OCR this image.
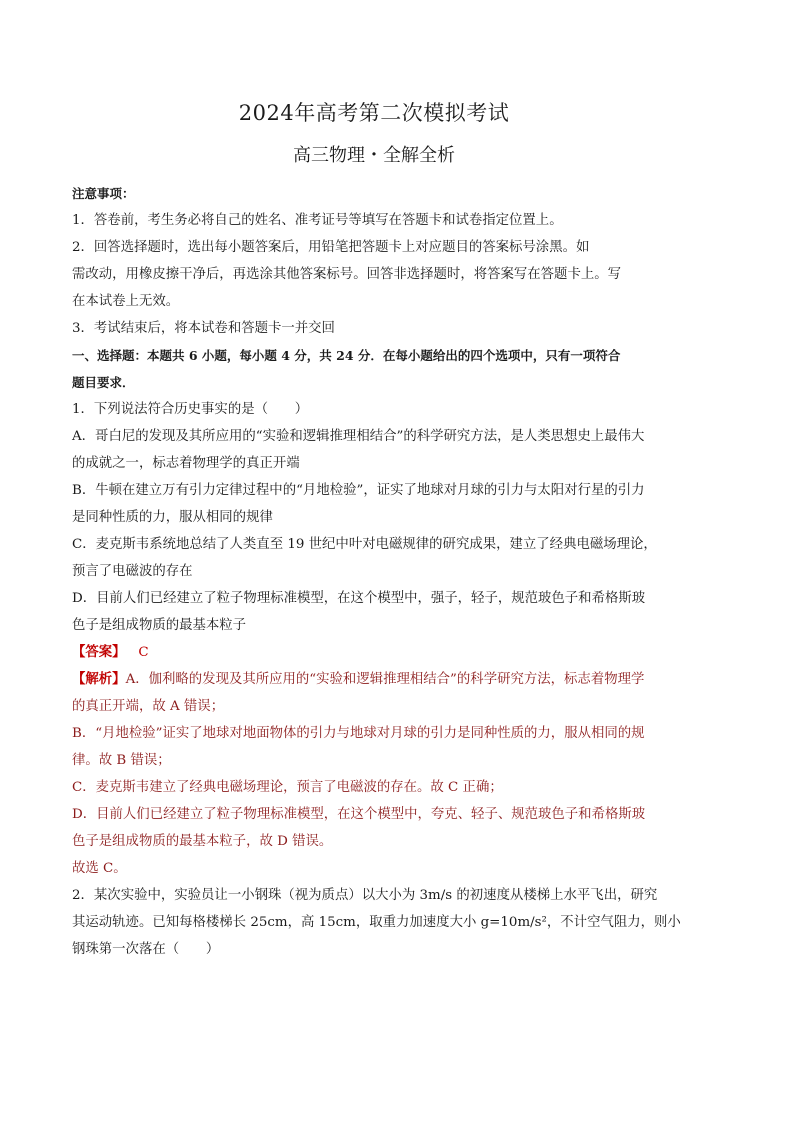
2024年高考第二次模拟考试
高三物理・全解全析

注意事项：

1．答卷前，考生务必将自己的姓名、准考证号等填写在答题卡和试卷指定位置上。

2．回答选择题时，选出每小题答案后，用铅笔把答题卡上对应题目的答案标号涂黑。如

需改动，用橡皮擦干净后，再选涂其他答案标号。回答非选择题时，将答案写在答题卡上。写

在本试卷上无效。

3．考试结束后，将本试卷和答题卡一并交回

一、选择题：本题共 6 小题，每小题 4 分，共 24 分．在每小题给出的四个选项中，只有一项符合

题目要求．

1．下列说法符合历史事实的是（　　）

A．哥白尼的发现及其所应用的“实验和逻辑推理相结合”的科学研究方法，是人类思想史上最伟大

的成就之一，标志着物理学的真正开端

B．牛顿在建立万有引力定律过程中的“月地检验”，证实了地球对月球的引力与太阳对行星的引力

是同种性质的力，服从相同的规律

C．麦克斯韦系统地总结了人类直至 19 世纪中叶对电磁规律的研究成果，建立了经典电磁场理论，

预言了电磁波的存在

D．目前人们已经建立了粒子物理标准模型，在这个模型中，强子，轻子，规范玻色子和希格斯玻

色子是组成物质的最基本粒子

【答案】 C

【解析】A．伽利略的发现及其所应用的“实验和逻辑推理相结合”的科学研究方法，标志着物理学

的真正开端，故 A 错误；

B．“月地检验”证实了地球对地面物体的引力与地球对月球的引力是同种性质的力，服从相同的规

律。故 B 错误；

C．麦克斯韦建立了经典电磁场理论，预言了电磁波的存在。故 C 正确；

D．目前人们已经建立了粒子物理标准模型，在这个模型中，夸克、轻子、规范玻色子和希格斯玻

色子是组成物质的最基本粒子，故 D 错误。

故选 C。

2．某次实验中，实验员让一小钢珠（视为质点）以大小为 3m/s 的初速度从楼梯上水平飞出，研究

其运动轨迹。已知每格楼梯长 25cm，高 15cm，取重力加速度大小 g=10m/s²，不计空气阻力，则小

钢珠第一次落在（　　）
